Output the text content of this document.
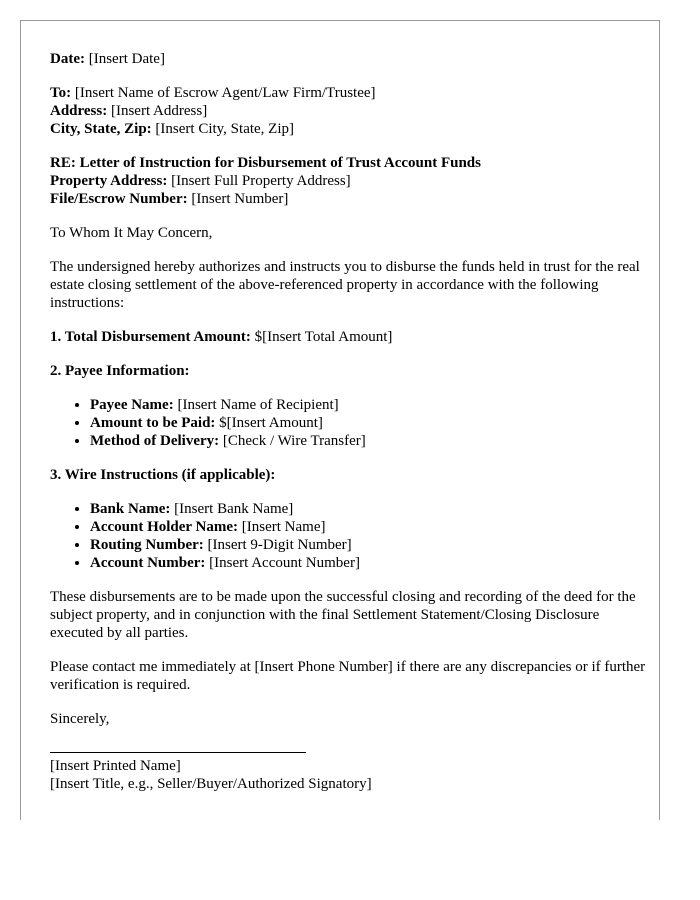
Date: [Insert Date]

To: [Insert Name of Escrow Agent/Law Firm/Trustee]
Address: [Insert Address]
City, State, Zip: [Insert City, State, Zip]

RE: Letter of Instruction for Disbursement of Trust Account Funds
Property Address: [Insert Full Property Address]
File/Escrow Number: [Insert Number]

To Whom It May Concern,

The undersigned hereby authorizes and instructs you to disburse the funds held in trust for the real estate closing settlement of the above-referenced property in accordance with the following instructions:

1. Total Disbursement Amount: $[Insert Total Amount]

2. Payee Information:

• Payee Name: [Insert Name of Recipient]
• Amount to be Paid: $[Insert Amount]
• Method of Delivery: [Check / Wire Transfer]

3. Wire Instructions (if applicable):

• Bank Name: [Insert Bank Name]
• Account Holder Name: [Insert Name]
• Routing Number: [Insert 9-Digit Number]
• Account Number: [Insert Account Number]

These disbursements are to be made upon the successful closing and recording of the deed for the subject property, and in conjunction with the final Settlement Statement/Closing Disclosure executed by all parties.

Please contact me immediately at [Insert Phone Number] if there are any discrepancies or if further verification is required.

Sincerely,

[Insert Printed Name]

[Insert Title, e.g., Seller/Buyer/Authorized Signatory]
